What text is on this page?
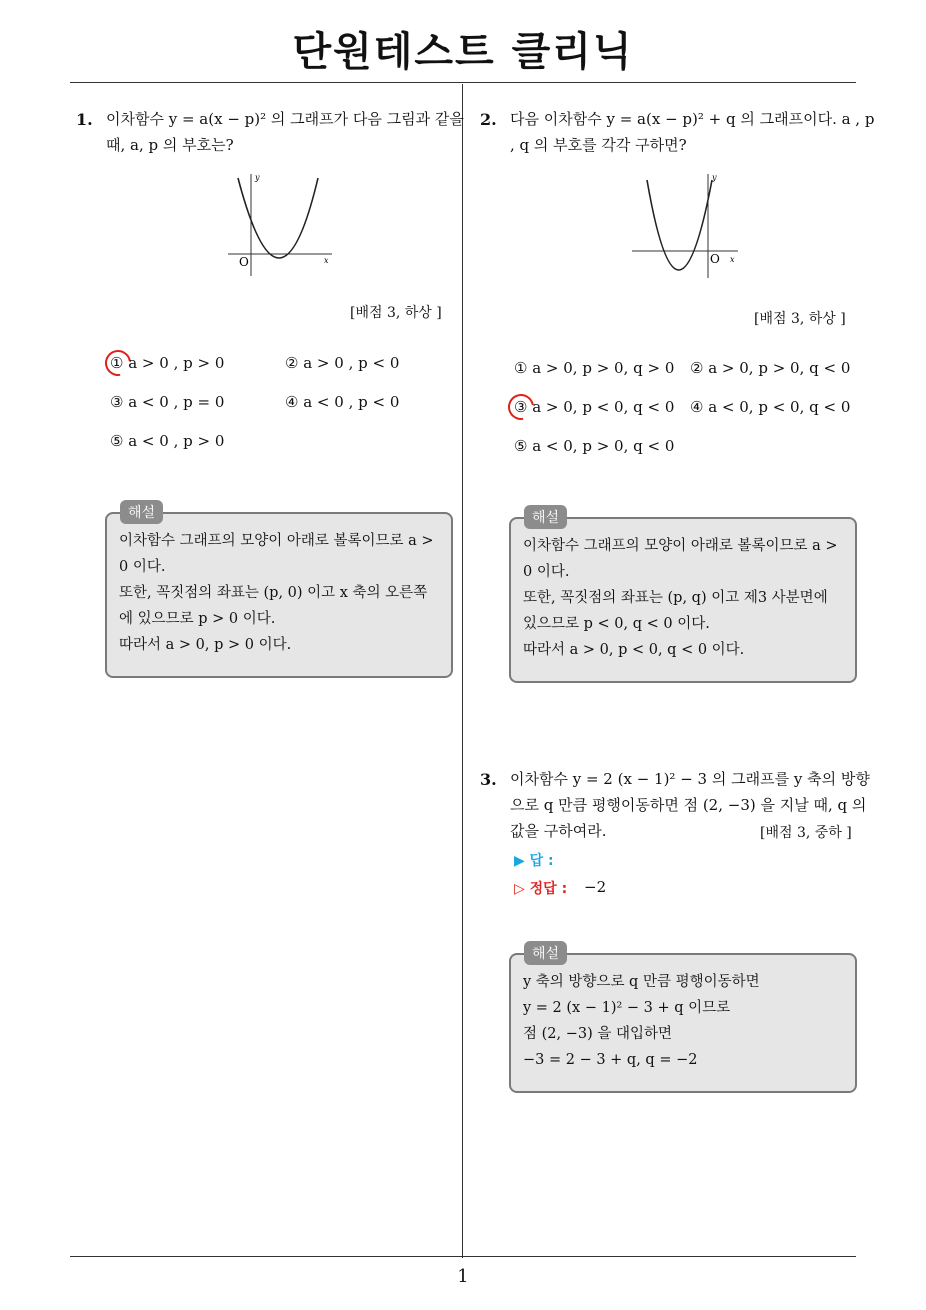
단원테스트 클리닉
1. 이차함수 y = a(x − p)² 의 그래프가 다음 그림과 같을
때, a, p 의 부호는?
y
x
O
[배점 3, 하상 ]
① a > 0 , p > 0	② a > 0 , p < 0
③ a < 0 , p = 0	④ a < 0 , p < 0
⑤ a < 0 , p > 0
이차함수 그래프의 모양이 아래로 볼록이므로 a >
0 이다.
또한, 꼭짓점의 좌표는 (p, 0) 이고 x 축의 오른쪽
에 있으므로 p > 0 이다.
따라서 a > 0, p > 0 이다.
해설
2. 다음 이차함수 y = a(x − p)² + q 의 그래프이다. a , p
, q 의 부호를 각각 구하면?
y
x
O
[배점 3, 하상 ]
① a > 0, p > 0, q > 0 ② a > 0, p > 0, q < 0
③ a > 0, p < 0, q < 0 ④ a < 0, p < 0, q < 0
⑤ a < 0, p > 0, q < 0
이차함수 그래프의 모양이 아래로 볼록이므로 a >
0 이다.
또한, 꼭짓점의 좌표는 (p, q) 이고 제3 사분면에
있으므로 p < 0, q < 0 이다.
따라서 a > 0, p < 0, q < 0 이다.
해설
3. 이차함수 y = 2 (x − 1)² − 3 의 그래프를 y 축의 방향
으로 q 만큼 평행이동하면 점 (2, −3) 을 지날 때, q 의
값을 구하여라.	[배점 3, 중하 ]
▶ 답 :
▷ 정답 : −2
y 축의 방향으로 q 만큼 평행이동하면
y = 2 (x − 1)² − 3 + q 이므로
점 (2, −3) 을 대입하면
−3 = 2 − 3 + q, q = −2
해설
1
